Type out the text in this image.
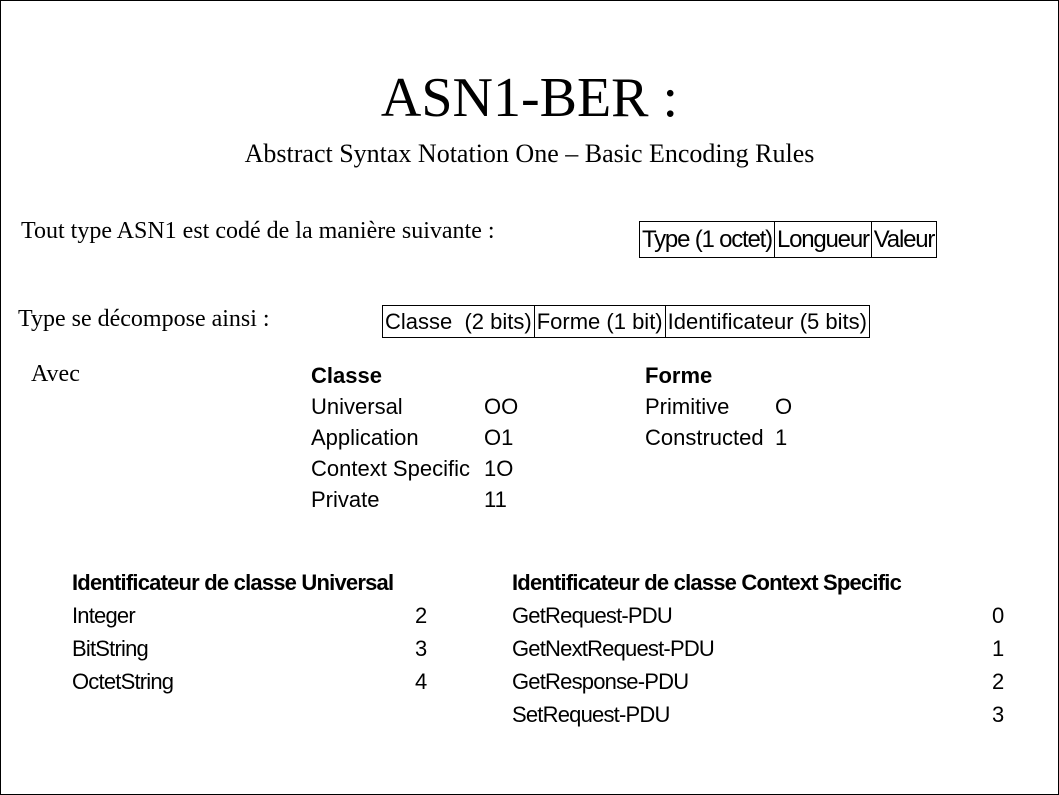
ASN1-BER :
Abstract Syntax Notation One – Basic Encoding Rules
Tout type ASN1 est codé de la manière suivante :	Type (1 octet) Longueur Valeur
Type se décompose ainsi :	Classe  (2 bits) Forme (1 bit) Identificateur (5 bits)
Avec	Classe
Universal	OO
Application	O1
Context Specific 1O
Private	11
Forme
Primitive	O
Constructed 1
Identificateur de classe Universal
Integer	2
BitString	3
OctetString	4
Identificateur de classe Context Specific
GetRequest-PDU	0
GetNextRequest-PDU	1
GetResponse-PDU	2
SetRequest-PDU	3
